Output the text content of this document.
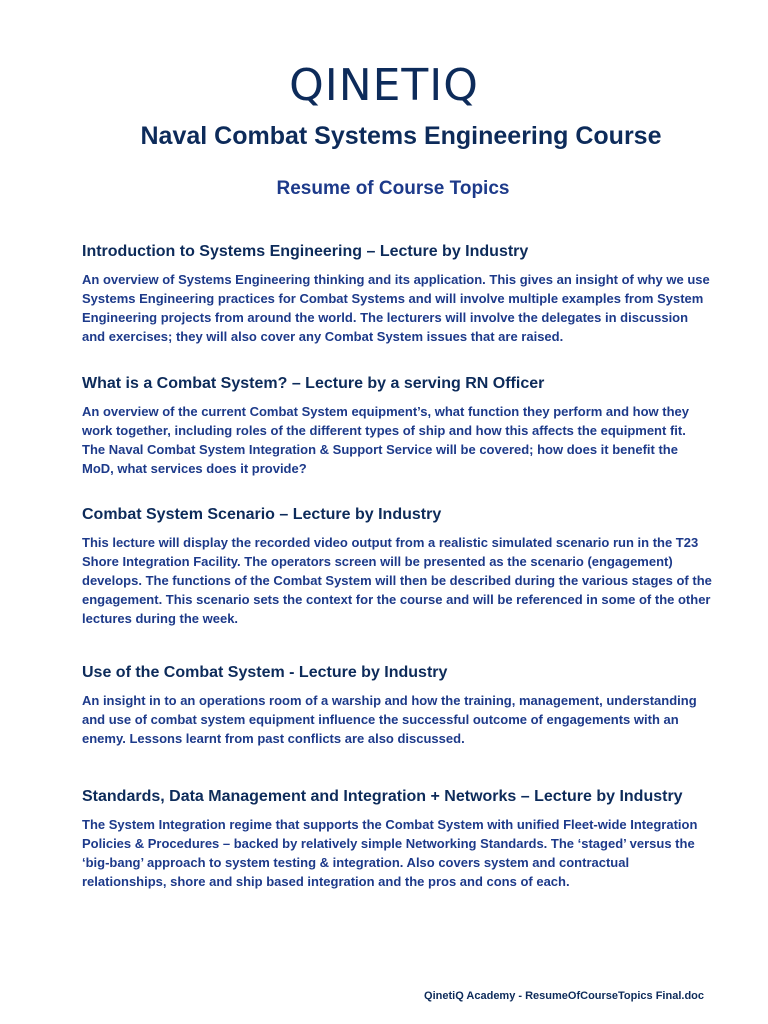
QINETIQ
Naval Combat Systems Engineering Course
Resume of Course Topics
Introduction to Systems Engineering – Lecture by Industry

An overview of Systems Engineering thinking and its application. This gives an insight of why we use Systems Engineering practices for Combat Systems and will involve multiple examples from System Engineering projects from around the world. The lecturers will involve the delegates in discussion and exercises; they will also cover any Combat System issues that are raised.

What is a Combat System? – Lecture by a serving RN Officer

An overview of the current Combat System equipment’s, what function they perform and how they work together, including roles of the different types of ship and how this affects the equipment fit. The Naval Combat System Integration & Support Service will be covered; how does it benefit the MoD, what services does it provide?

Combat System Scenario – Lecture by Industry

This lecture will display the recorded video output from a realistic simulated scenario run in the T23 Shore Integration Facility. The operators screen will be presented as the scenario (engagement) develops. The functions of the Combat System will then be described during the various stages of the engagement. This scenario sets the context for the course and will be referenced in some of the other lectures during the week.

Use of the Combat System - Lecture by Industry

An insight in to an operations room of a warship and how the training, management, understanding and use of combat system equipment influence the successful outcome of engagements with an enemy. Lessons learnt from past conflicts are also discussed.

Standards, Data Management and Integration + Networks – Lecture by Industry

The System Integration regime that supports the Combat System with unified Fleet-wide Integration Policies & Procedures – backed by relatively simple Networking Standards. The ‘staged’ versus the ‘big-bang’ approach to system testing & integration. Also covers system and contractual relationships, shore and ship based integration and the pros and cons of each.

QinetiQ Academy - ResumeOfCourseTopics Final.doc
